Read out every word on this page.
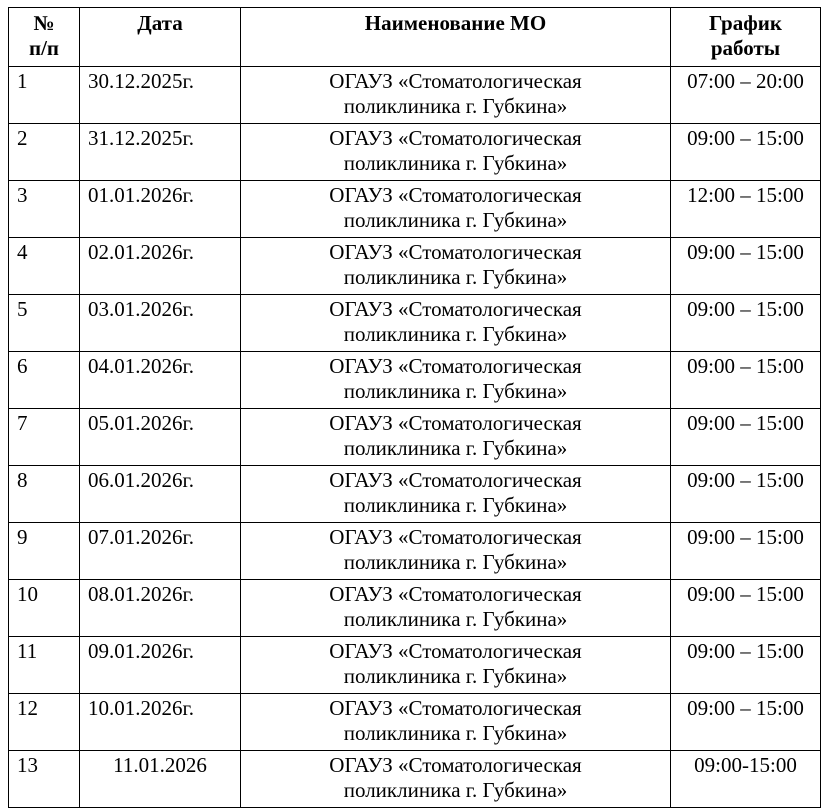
№
п/п	Дата	Наименование МО	График работы
1	30.12.2025г.	ОГАУЗ «Стоматологическая
поликлиника г. Губкина»	07:00 – 20:00
2	31.12.2025г.	ОГАУЗ «Стоматологическая
поликлиника г. Губкина»	09:00 – 15:00
3	01.01.2026г.	ОГАУЗ «Стоматологическая
поликлиника г. Губкина»	12:00 – 15:00
4	02.01.2026г.	ОГАУЗ «Стоматологическая
поликлиника г. Губкина»	09:00 – 15:00
5	03.01.2026г.	ОГАУЗ «Стоматологическая
поликлиника г. Губкина»	09:00 – 15:00
6	04.01.2026г.	ОГАУЗ «Стоматологическая
поликлиника г. Губкина»	09:00 – 15:00
7	05.01.2026г.	ОГАУЗ «Стоматологическая
поликлиника г. Губкина»	09:00 – 15:00
8	06.01.2026г.	ОГАУЗ «Стоматологическая
поликлиника г. Губкина»	09:00 – 15:00
9	07.01.2026г.	ОГАУЗ «Стоматологическая
поликлиника г. Губкина»	09:00 – 15:00
10	08.01.2026г.	ОГАУЗ «Стоматологическая
поликлиника г. Губкина»	09:00 – 15:00
11	09.01.2026г.	ОГАУЗ «Стоматологическая
поликлиника г. Губкина»	09:00 – 15:00
12	10.01.2026г.	ОГАУЗ «Стоматологическая
поликлиника г. Губкина»	09:00 – 15:00
13	11.01.2026	ОГАУЗ «Стоматологическая
поликлиника г. Губкина»	09:00-15:00
